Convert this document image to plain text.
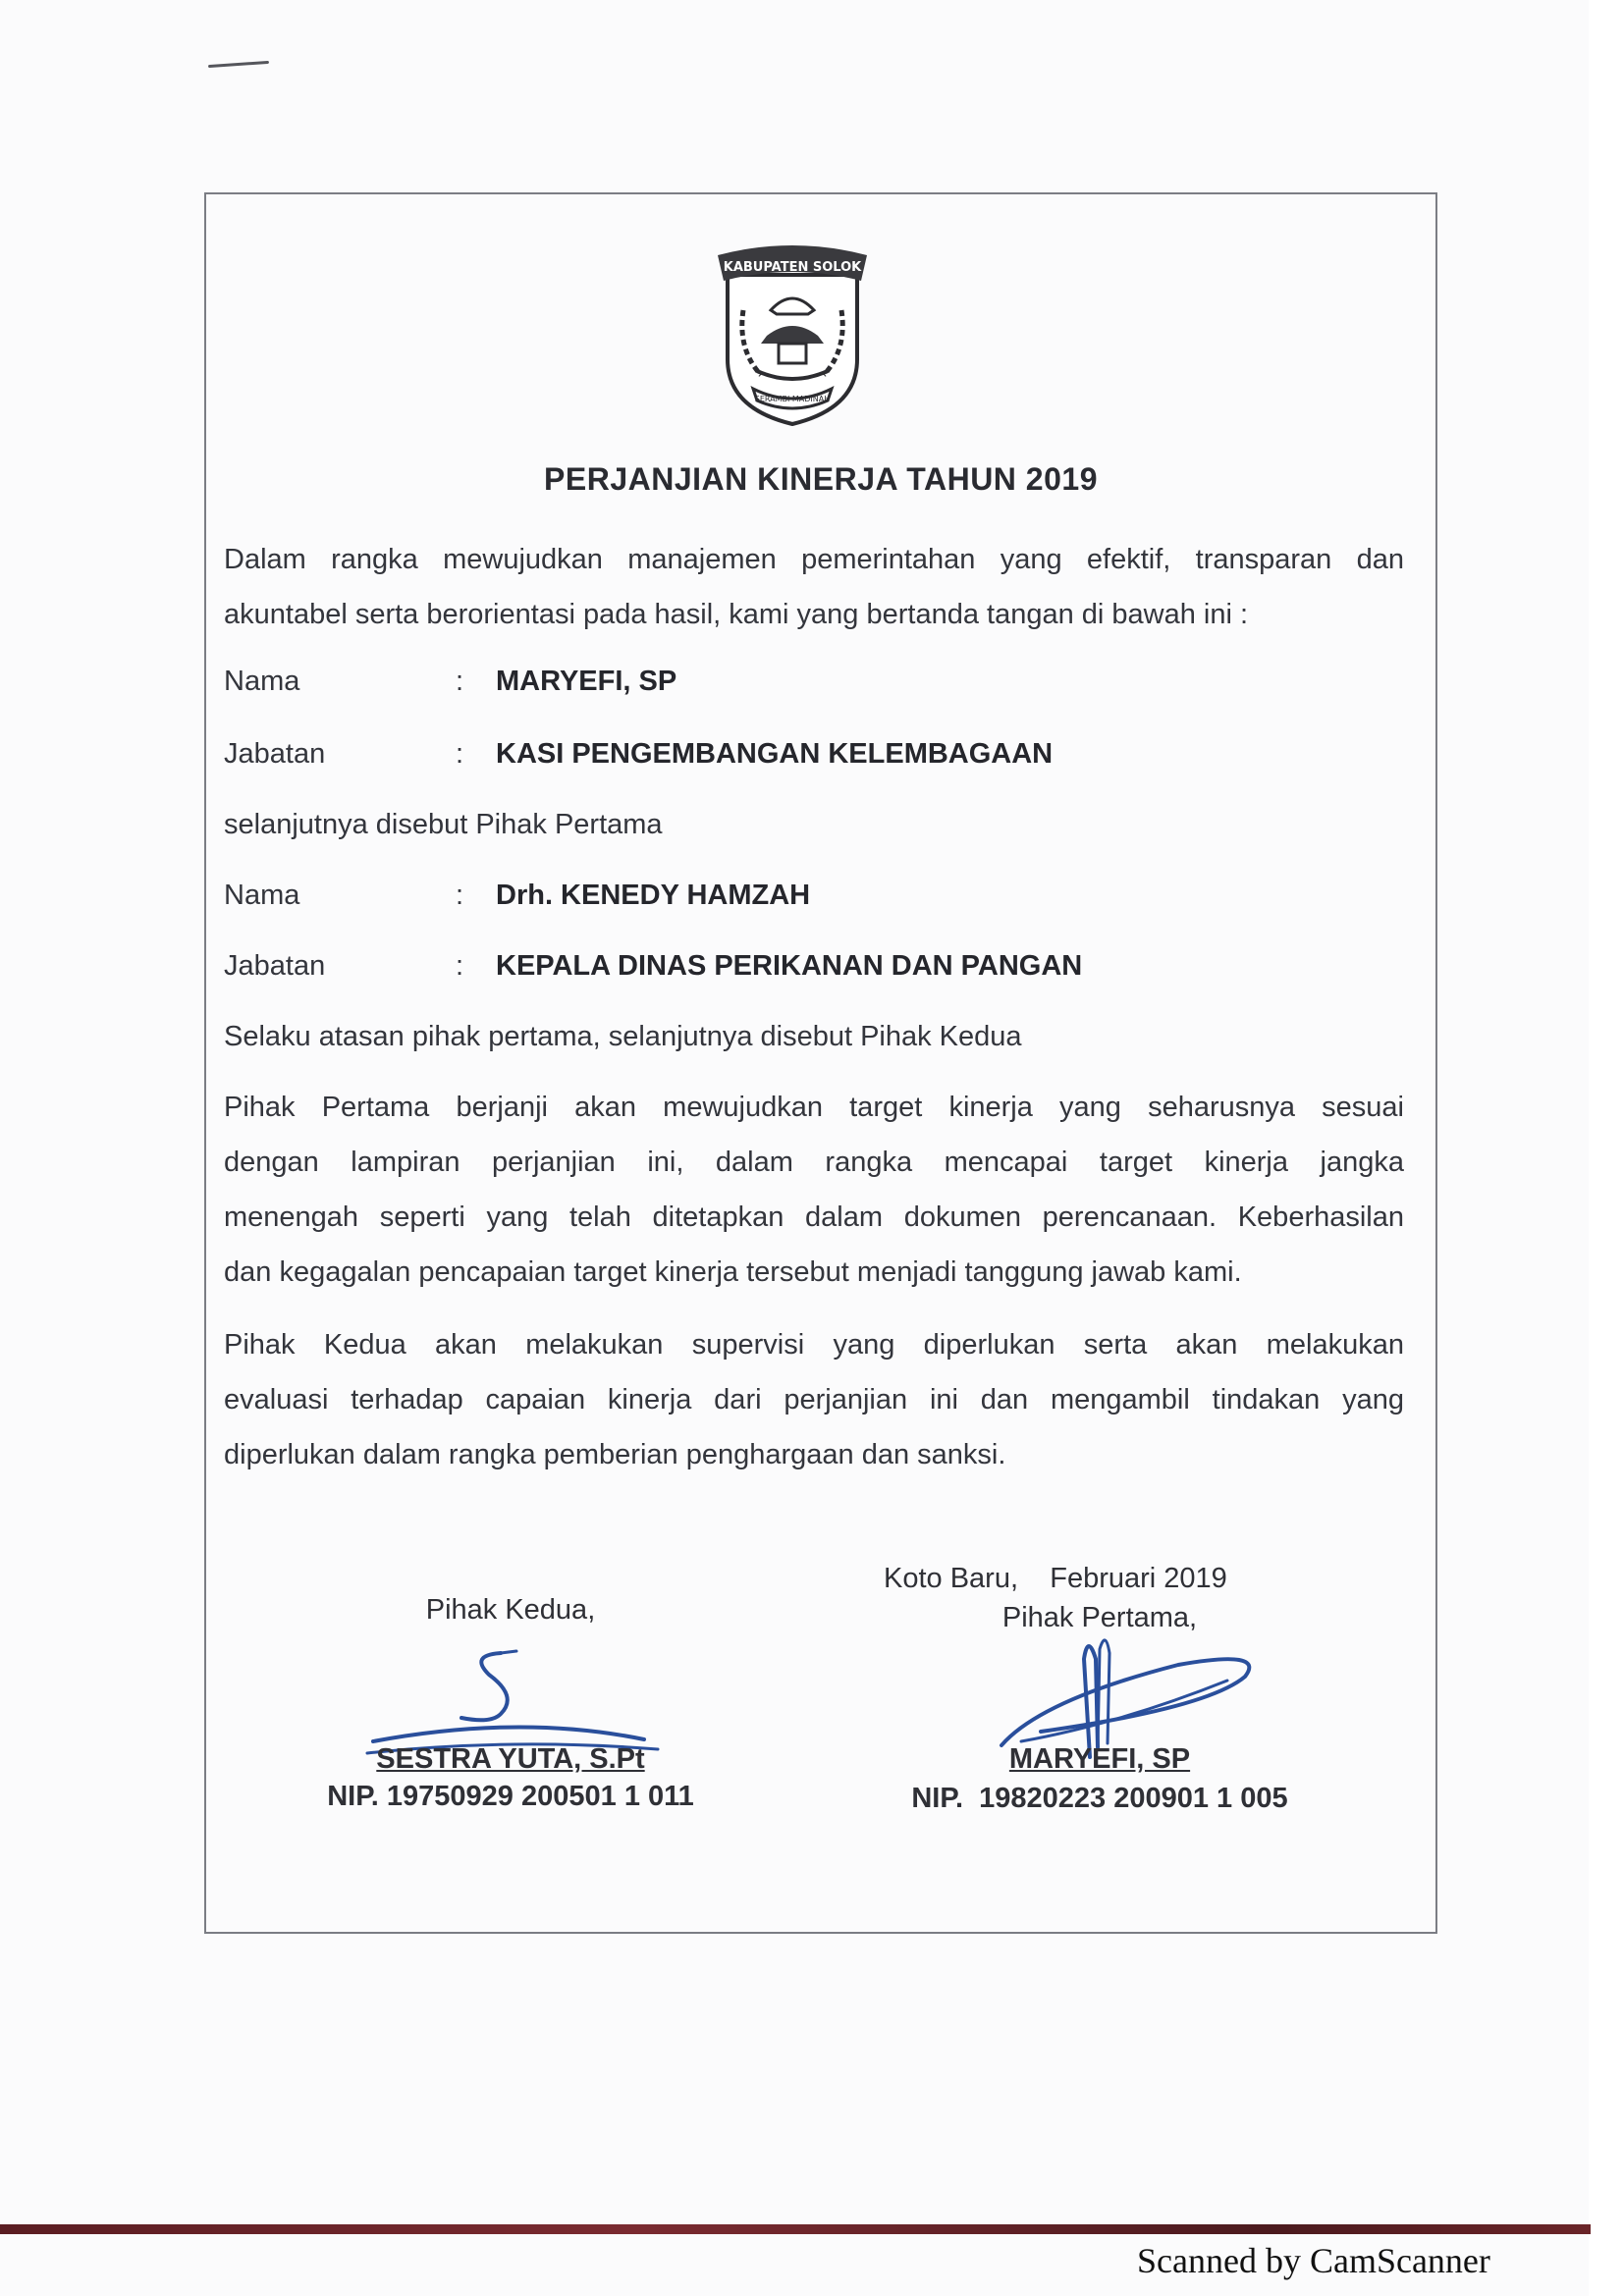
KABUPATEN SOLOK
SERAMBI MADINAH
PERJANJIAN KINERJA TAHUN 2019
Dalam rangka mewujudkan manajemen pemerintahan yang efektif, transparan dan
akuntabel serta berorientasi pada hasil, kami yang bertanda tangan di bawah ini :
Nama	: MARYEFI, SP
Jabatan	: KASI PENGEMBANGAN KELEMBAGAAN
selanjutnya disebut Pihak Pertama
Nama	: Drh. KENEDY HAMZAH
Jabatan	: KEPALA DINAS PERIKANAN DAN PANGAN
Selaku atasan pihak pertama, selanjutnya disebut Pihak Kedua
Pihak Pertama berjanji akan mewujudkan target kinerja yang seharusnya sesuai
dengan lampiran perjanjian ini, dalam rangka mencapai target kinerja jangka
menengah seperti yang telah ditetapkan dalam dokumen perencanaan. Keberhasilan
dan kegagalan pencapaian target kinerja tersebut menjadi tanggung jawab kami.
Pihak Kedua akan melakukan supervisi yang diperlukan serta akan melakukan
evaluasi terhadap capaian kinerja dari perjanjian ini dan mengambil tindakan yang
diperlukan dalam rangka pemberian penghargaan dan sanksi.
Koto Baru,    Februari 2019
Pihak Kedua,
SESTRA YUTA, S.Pt
NIP. 19750929 200501 1 011
Pihak Pertama,
MARYEFI, SP
NIP.  19820223 200901 1 005
Scanned by CamScanner
